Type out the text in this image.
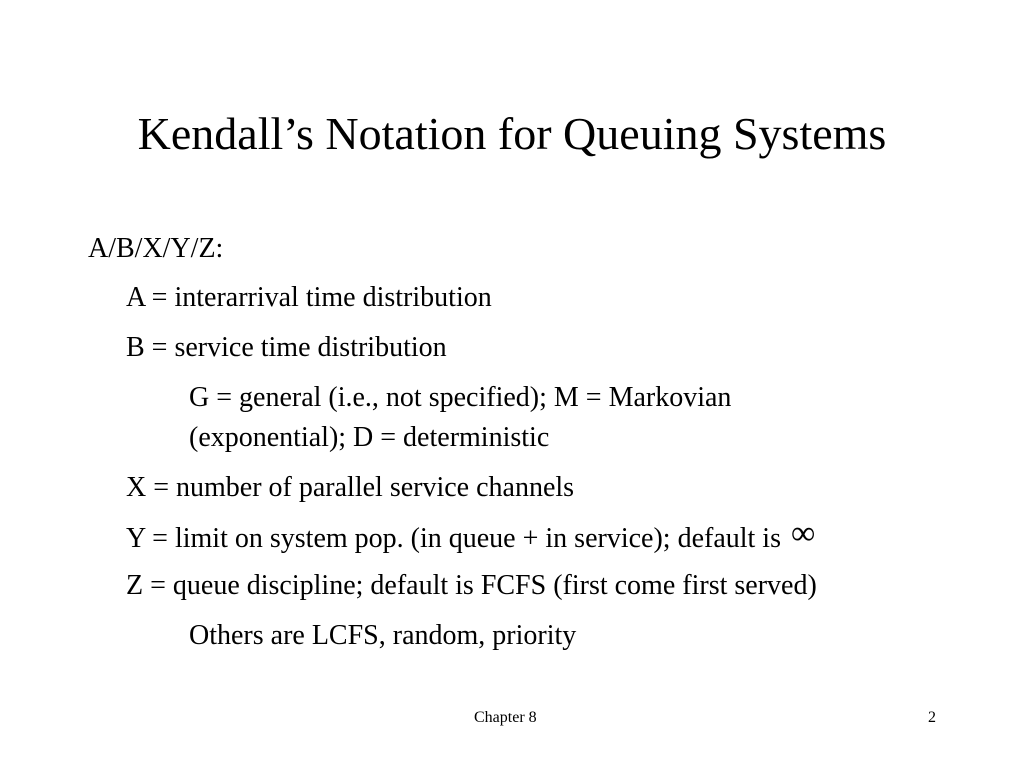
Kendall’s Notation for Queuing Systems
A/B/X/Y/Z:
A = interarrival time distribution
B = service time distribution
G = general (i.e., not specified); M = Markovian
(exponential); D = deterministic
X = number of parallel service channels
Y = limit on system pop. (in queue + in service); default is ∞
Z = queue discipline; default is FCFS (first come first served)
Others are LCFS, random, priority
Chapter 8	2
